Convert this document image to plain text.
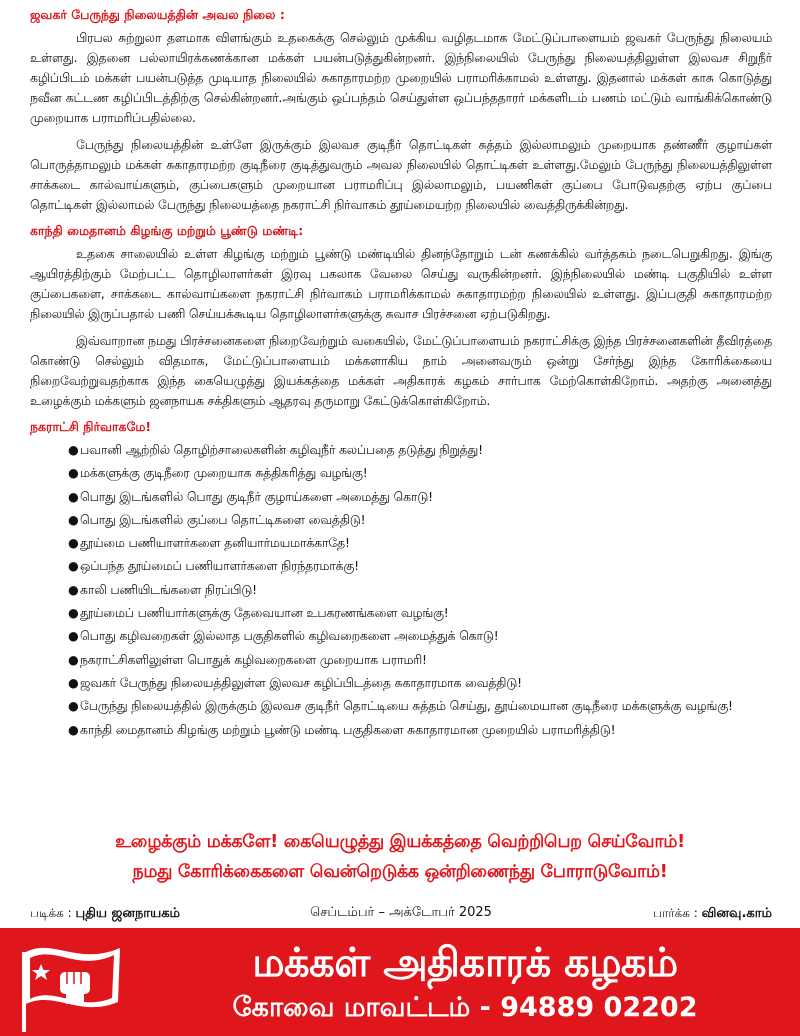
ஜவகர் பேருந்து நிலையத்தின் அவல நிலை :

பிரபல சுற்றுலா தளமாக விளங்கும் உதகைக்கு செல்லும் முக்கிய வழிதடமாக மேட்டுப்பாளையம் ஜவகர் பேருந்து நிலையம் உள்ளது. இதனை பல்லாயிரக்கணக்கான மக்கள் பயன்படுத்துகின்றனர். இந்நிலையில் பேருந்து நிலையத்திலுள்ள இலவச சிறுநீர் கழிப்பிடம் மக்கள் பயன்படுத்த முடியாத நிலையில் சுகாதாரமற்ற முறையில் பராமரிக்காமல் உள்ளது. இதனால் மக்கள் காசு கொடுத்து நவீன கட்டண கழிப்பிடத்திற்கு செல்கின்றனர்.அங்கும் ஒப்பந்தம் செய்துள்ள ஒப்பந்ததாரர் மக்களிடம் பணம் மட்டும் வாங்கிக்கொண்டு முறையாக பராமரிப்பதில்லை.

பேருந்து நிலையத்தின் உள்ளே இருக்கும் இலவச குடிநீர் தொட்டிகள் சுத்தம் இல்லாமலும் முறையாக தண்ணீர் குழாய்கள் பொருத்தாமலும் மக்கள் சுகாதாரமற்ற குடிநீரை குடித்துவரும் அவல நிலையில் தொட்டிகள் உள்ளது.மேலும் பேருந்து நிலையத்திலுள்ள சாக்கடை கால்வாய்களும், குப்பைகளும் முறையான பராமரிப்பு இல்லாமலும், பயணிகள் குப்பை போடுவதற்கு ஏற்ப குப்பை தொட்டிகள் இல்லாமல் பேருந்து நிலையத்தை நகராட்சி நிர்வாகம் தூய்மையற்ற நிலையில் வைத்திருக்கின்றது.

காந்தி மைதானம் கிழங்கு மற்றும் பூண்டு மண்டி:

உதகை சாலையில் உள்ள கிழங்கு மற்றும் பூண்டு மண்டியில் தினந்தோறும் டன் கணக்கில் வர்த்தகம் நடைபெறுகிறது. இங்கு ஆயிரத்திற்கும் மேற்பட்ட தொழிலாளர்கள் இரவு பகலாக வேலை செய்து வருகின்றனர். இந்நிலையில் மண்டி பகுதியில் உள்ள குப்பைகளை, சாக்கடை கால்வாய்களை நகராட்சி நிர்வாகம் பராமரிக்காமல் சுகாதாரமற்ற நிலையில் உள்ளது. இப்பகுதி சுகாதாரமற்ற நிலையில் இருப்பதால் பணி செய்யக்கூடிய தொழிலாளர்களுக்கு சுவாச பிரச்சனை ஏற்படுகிறது.

இவ்வாறான நமது பிரச்சனைகளை நிறைவேற்றும் வகையில், மேட்டுப்பாளையம் நகராட்சிக்கு இந்த பிரச்சனைகளின் தீவிரத்தை கொண்டு செல்லும் விதமாக, மேட்டுப்பாளையம் மக்களாகிய நாம் அனைவரும் ஒன்று சேர்ந்து இந்த கோரிக்கையை நிறைவேற்றுவதற்காக இந்த கையெழுத்து இயக்கத்தை மக்கள் அதிகாரக் கழகம் சார்பாக மேற்கொள்கிறோம். அதற்கு அனைத்து உழைக்கும் மக்களும் ஜனநாயக சக்திகளும் ஆதரவு தருமாறு கேட்டுக்கொள்கிறோம்.

நகராட்சி நிர்வாகமே!
●பவானி ஆற்றில் தொழிற்சாலைகளின் கழிவுநீர் கலப்பதை தடுத்து நிறுத்து!
●மக்களுக்கு குடிநீரை முறையாக சுத்திகரித்து வழங்கு!
●பொது இடங்களில் பொது குடிநீர் குழாய்களை அமைத்து கொடு!
●பொது இடங்களில் குப்பை தொட்டிகளை வைத்திடு!
●தூய்மை பணியாளர்களை தனியார்மயமாக்காதே!
●ஒப்பந்த தூய்மைப் பணியாளர்களை நிரந்தரமாக்கு!
●காலி பணியிடங்களை நிரப்பிடு!
●தூய்மைப் பணியார்களுக்கு தேவையான உபகரணங்களை வழங்கு!
●பொது கழிவறைகள் இல்லாத பகுதிகளில் கழிவறைகளை அமைத்துக் கொடு!
●நகராட்சிகளிலுள்ள பொதுக் கழிவறைகளை முறையாக பராமரி!
●ஜவகர் பேருந்து நிலையத்திலுள்ள இலவச கழிப்பிடத்தை சுகாதாரமாக வைத்திடு!
●பேருந்து நிலையத்தில் இருக்கும் இலவச குடிநீர் தொட்டியை சுத்தம் செய்து, தூய்மையான குடிநீரை மக்களுக்கு வழங்கு!
●காந்தி மைதானம் கிழங்கு மற்றும் பூண்டு மண்டி பகுதிகளை சுகாதாரமான முறையில் பராமரித்திடு!
உழைக்கும் மக்களே! கையெழுத்து இயக்கத்தை வெற்றிபெற செய்வோம்!
நமது கோரிக்கைகளை வென்றெடுக்க ஒன்றிணைந்து போராடுவோம்!
படிக்க : புதிய ஜனநாயகம்	செப்டம்பர் – அக்டோபர் 2025	பார்க்க : வினவு.காம்
மக்கள் அதிகாரக் கழகம்
கோவை மாவட்டம் - 94889 02202
